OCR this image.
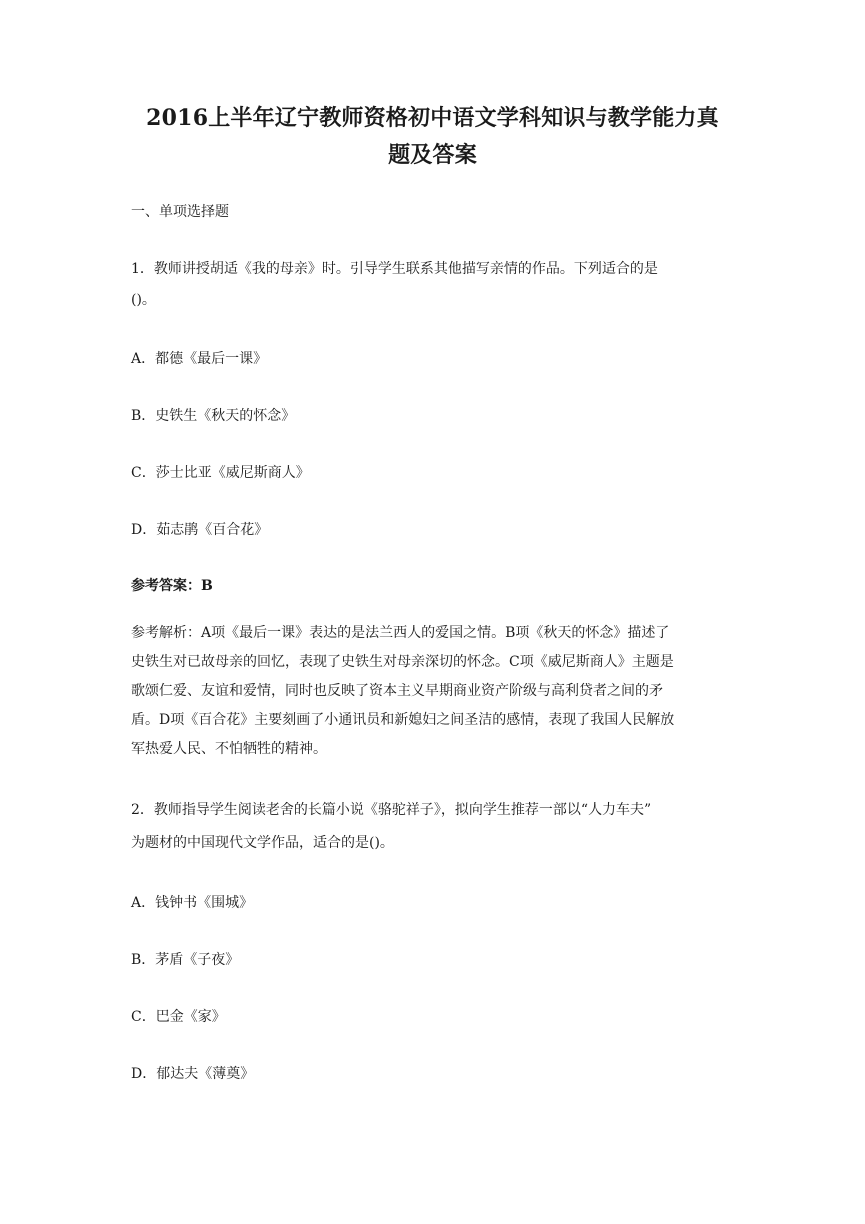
2016上半年辽宁教师资格初中语文学科知识与教学能力真
题及答案
一、单项选择题
1．教师讲授胡适《我的母亲》时。引导学生联系其他描写亲情的作品。下列适合的是
()。
A．都德《最后一课》
B．史铁生《秋天的怀念》
C．莎士比亚《威尼斯商人》
D．茹志鹃《百合花》
参考答案：B
参考解析：A项《最后一课》表达的是法兰西人的爱国之情。B项《秋天的怀念》描述了
史铁生对已故母亲的回忆，表现了史铁生对母亲深切的怀念。C项《威尼斯商人》主题是
歌颂仁爱、友谊和爱情，同时也反映了资本主义早期商业资产阶级与高利贷者之间的矛
盾。D项《百合花》主要刻画了小通讯员和新媳妇之间圣洁的感情，表现了我国人民解放
军热爱人民、不怕牺牲的精神。
2．教师指导学生阅读老舍的长篇小说《骆驼祥子》，拟向学生推荐一部以“人力车夫”
为题材的中国现代文学作品，适合的是()。
A．钱钟书《围城》
B．茅盾《子夜》
C．巴金《家》
D．郁达夫《薄奠》
